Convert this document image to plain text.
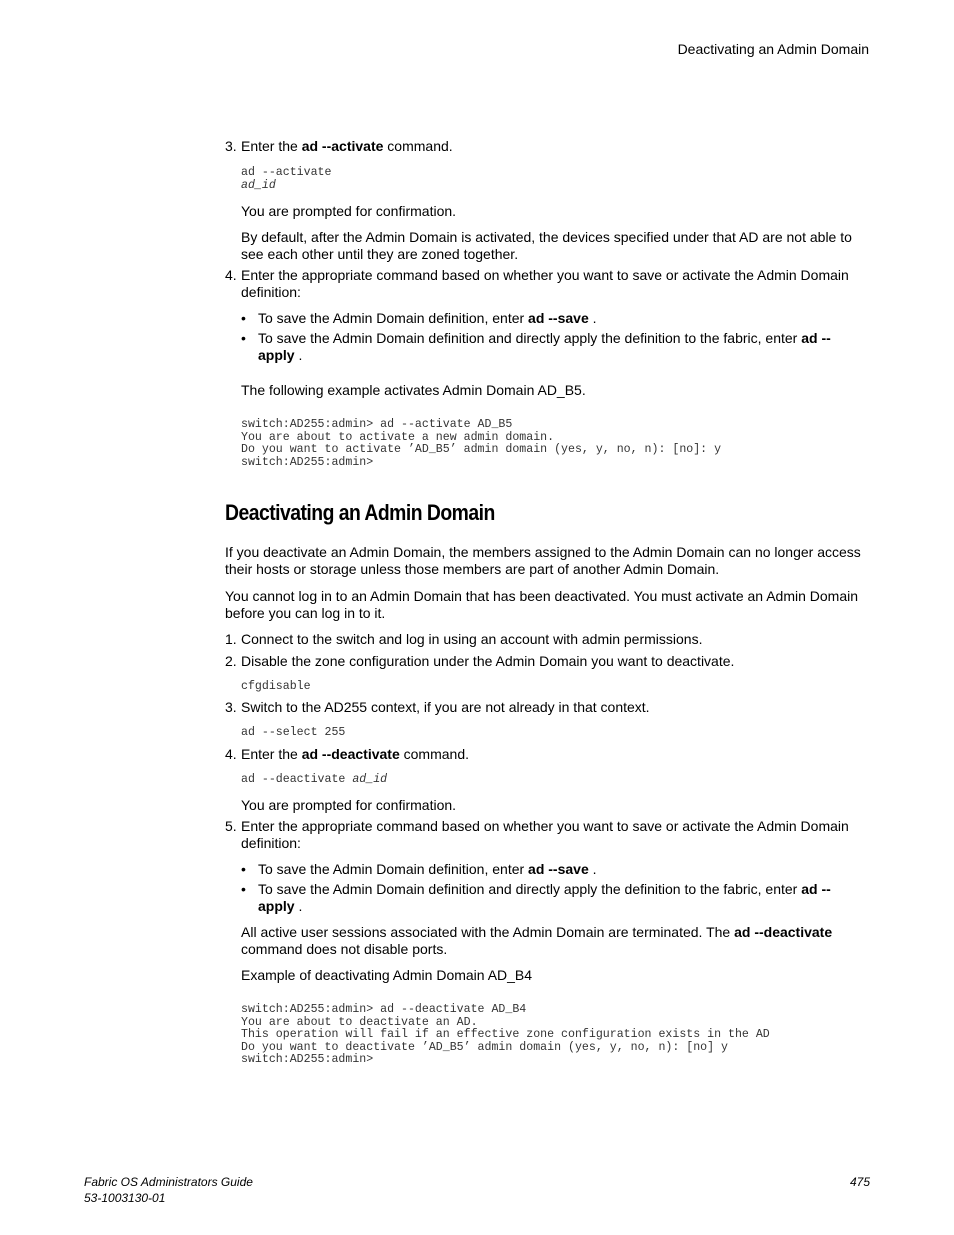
Deactivating an Admin Domain
3. Enter the ad --activate command.
ad --activate
ad_id
You are prompted for confirmation.
By default, after the Admin Domain is activated, the devices specified under that AD are not able to see each other until they are zoned together.
4. Enter the appropriate command based on whether you want to save or activate the Admin Domain definition:
• To save the Admin Domain definition, enter ad --save .
• To save the Admin Domain definition and directly apply the definition to the fabric, enter ad --apply .
The following example activates Admin Domain AD_B5.
switch:AD255:admin> ad --activate AD_B5
You are about to activate a new admin domain.
Do you want to activate ’AD_B5’ admin domain (yes, y, no, n): [no]: y
switch:AD255:admin>
Deactivating an Admin Domain
If you deactivate an Admin Domain, the members assigned to the Admin Domain can no longer access their hosts or storage unless those members are part of another Admin Domain.
You cannot log in to an Admin Domain that has been deactivated. You must activate an Admin Domain before you can log in to it.
1. Connect to the switch and log in using an account with admin permissions.
2. Disable the zone configuration under the Admin Domain you want to deactivate.
cfgdisable
3. Switch to the AD255 context, if you are not already in that context.
ad --select 255
4. Enter the ad --deactivate command.
ad --deactivate ad_id
You are prompted for confirmation.
5. Enter the appropriate command based on whether you want to save or activate the Admin Domain definition:
• To save the Admin Domain definition, enter ad --save .
• To save the Admin Domain definition and directly apply the definition to the fabric, enter ad --apply .
All active user sessions associated with the Admin Domain are terminated. The ad --deactivate command does not disable ports.
Example of deactivating Admin Domain AD_B4
switch:AD255:admin> ad --deactivate AD_B4
You are about to deactivate an AD.
This operation will fail if an effective zone configuration exists in the AD
Do you want to deactivate ’AD_B5’ admin domain (yes, y, no, n): [no] y
switch:AD255:admin>
Fabric OS Administrators Guide
53-1003130-01
475
